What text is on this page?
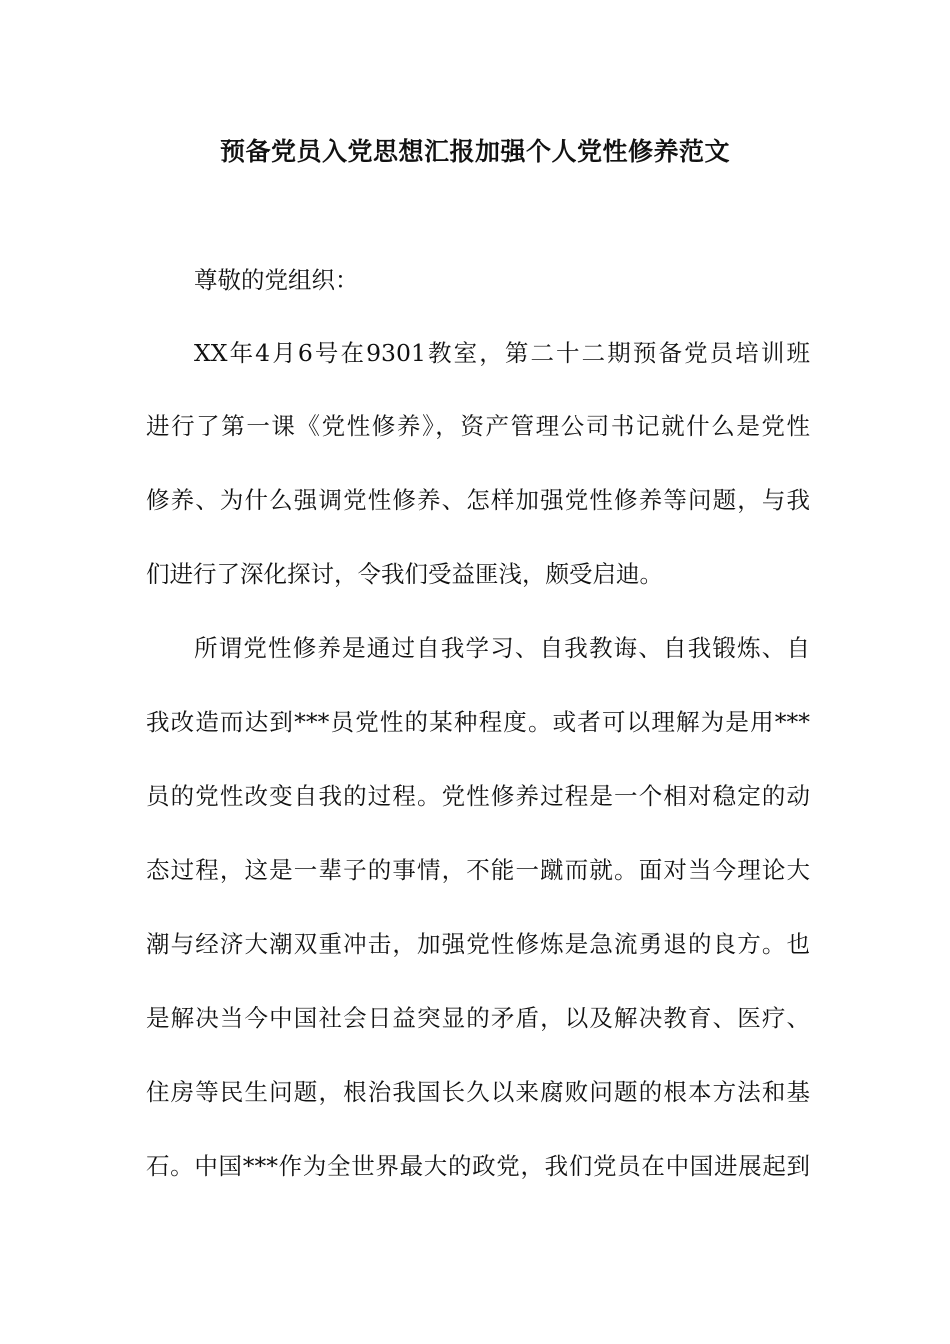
预备党员入党思想汇报加强个人党性修养范文
尊敬的党组织：
XX年4月6号在9301教室，第二十二期预备党员培训班
进行了第一课《党性修养》，资产管理公司书记就什么是党性
修养、为什么强调党性修养、怎样加强党性修养等问题，与我
们进行了深化探讨，令我们受益匪浅，颇受启迪。
所谓党性修养是通过自我学习、自我教诲、自我锻炼、自
我改造而达到***员党性的某种程度。或者可以理解为是用***
员的党性改变自我的过程。党性修养过程是一个相对稳定的动
态过程，这是一辈子的事情，不能一蹴而就。面对当今理论大
潮与经济大潮双重冲击，加强党性修炼是急流勇退的良方。也
是解决当今中国社会日益突显的矛盾，以及解决教育、医疗、
住房等民生问题，根治我国长久以来腐败问题的根本方法和基
石。中国***作为全世界最大的政党，我们党员在中国进展起到
